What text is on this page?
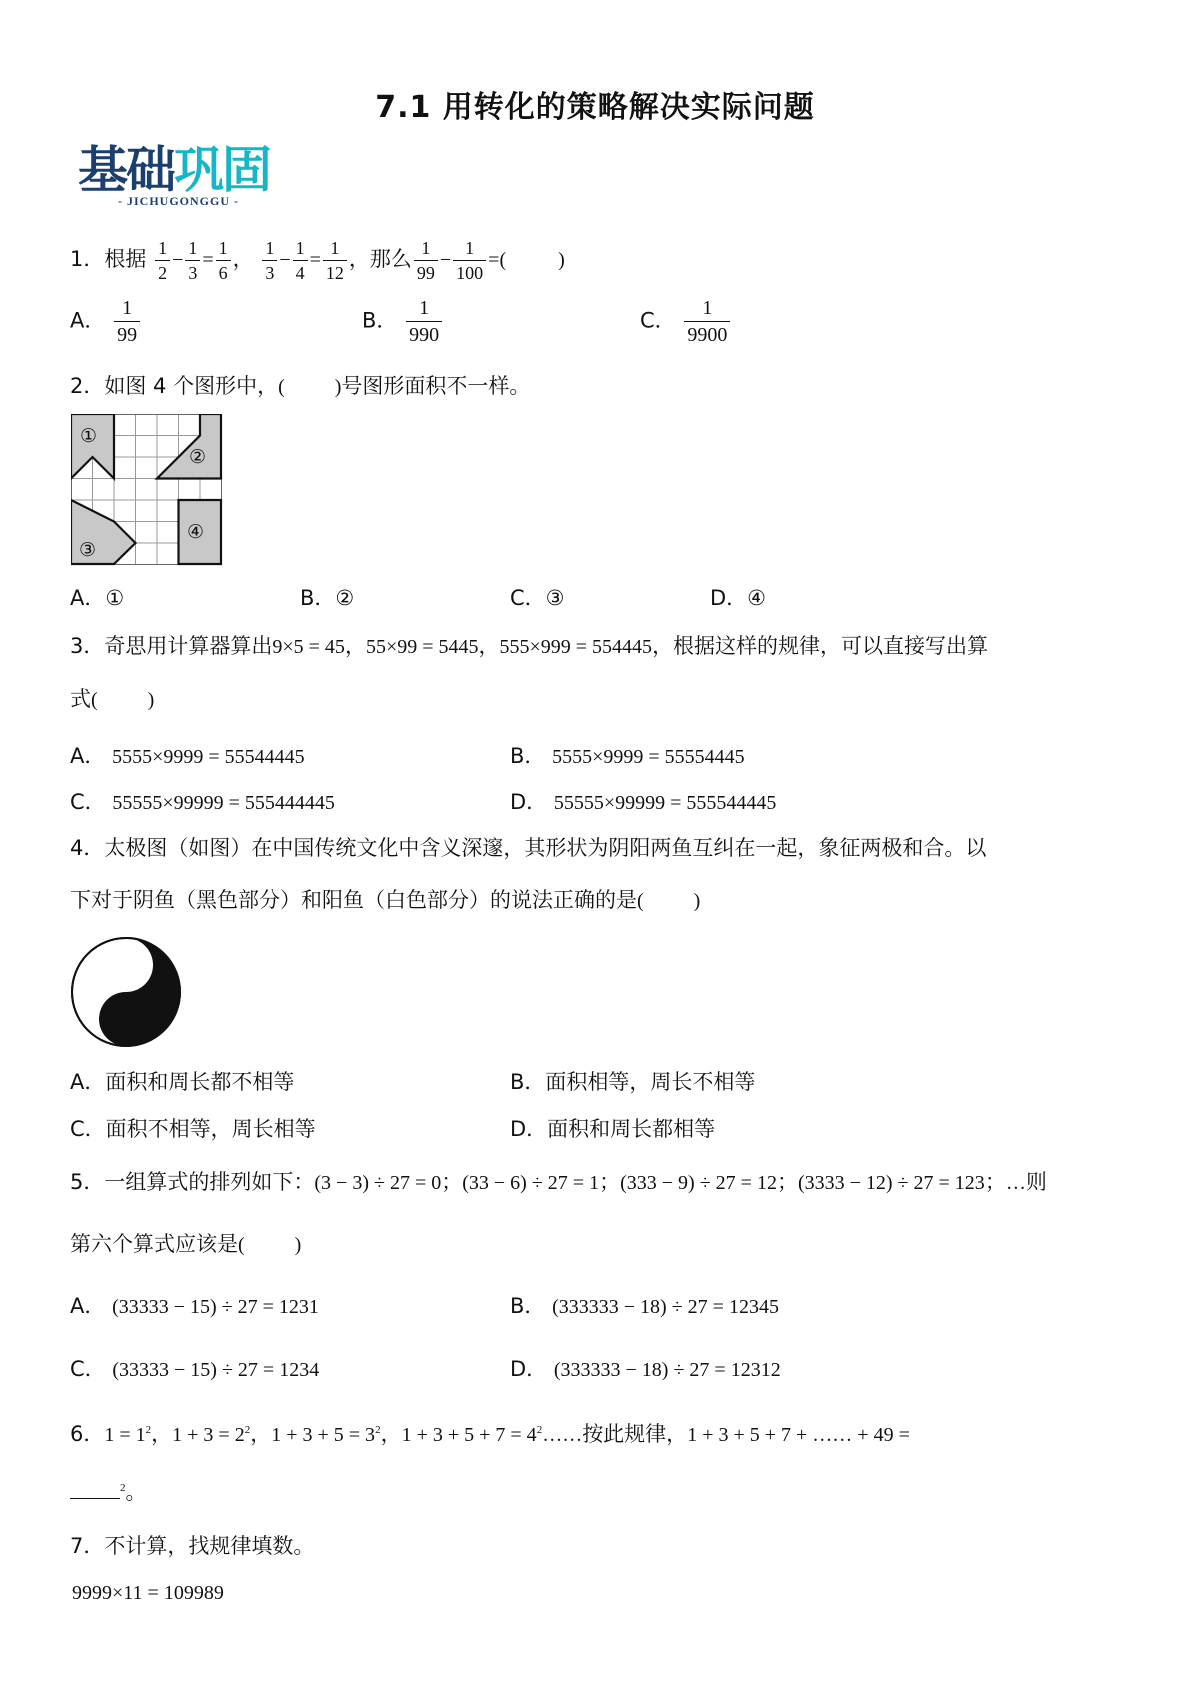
7.1 用转化的策略解决实际问题
基础巩固
- JICHUGONGGU -
1．根据 $\frac{1}{2} - \frac{1}{3} = \frac{1}{6}$ ， $\frac{1}{3} - \frac{1}{4} = \frac{1}{12}$ ，那么 $\frac{1}{99} - \frac{1}{100}$ =(	)
A． $\frac{1}{99}$	B． $\frac{1}{990}$	C． $\frac{1}{9900}$
2．如图 4 个图形中，(	)号图形面积不一样。
①
②
③
④
A．①	B．②	C．③	D．④
3．奇思用计算器算出9×5 = 45，55×99 = 5445，555×999 = 554445，根据这样的规律，可以直接写出算
式(	)
A． 5555×9999 = 55544445	B． 5555×9999 = 55554445
C． 55555×99999 = 555444445	D． 55555×99999 = 555544445
4．太极图（如图）在中国传统文化中含义深邃，其形状为阴阳两鱼互纠在一起，象征两极和合。以
下对于阴鱼（黑色部分）和阳鱼（白色部分）的说法正确的是(	)
A．面积和周长都不相等	B．面积相等，周长不相等
C．面积不相等，周长相等	D．面积和周长都相等
5．一组算式的排列如下：(3 − 3) ÷ 27 = 0；(33 − 6) ÷ 27 = 1；(333 − 9) ÷ 27 = 12；(3333 − 12) ÷ 27 = 123；…则
第六个算式应该是(	)
A． (33333 − 15) ÷ 27 = 1231	B． (333333 − 18) ÷ 27 = 12345
C． (33333 − 15) ÷ 27 = 1234	D． (333333 − 18) ÷ 27 = 12312
6．$1 = 1^2$，$1 + 3 = 2^2$，$1 + 3 + 5 = 3^2$，$1 + 3 + 5 + 7 = 4^2\dots\dots$按此规律，1 + 3 + 5 + 7 + …… + 49 =
$^2$。
7．不计算，找规律填数。
9999×11 = 109989
